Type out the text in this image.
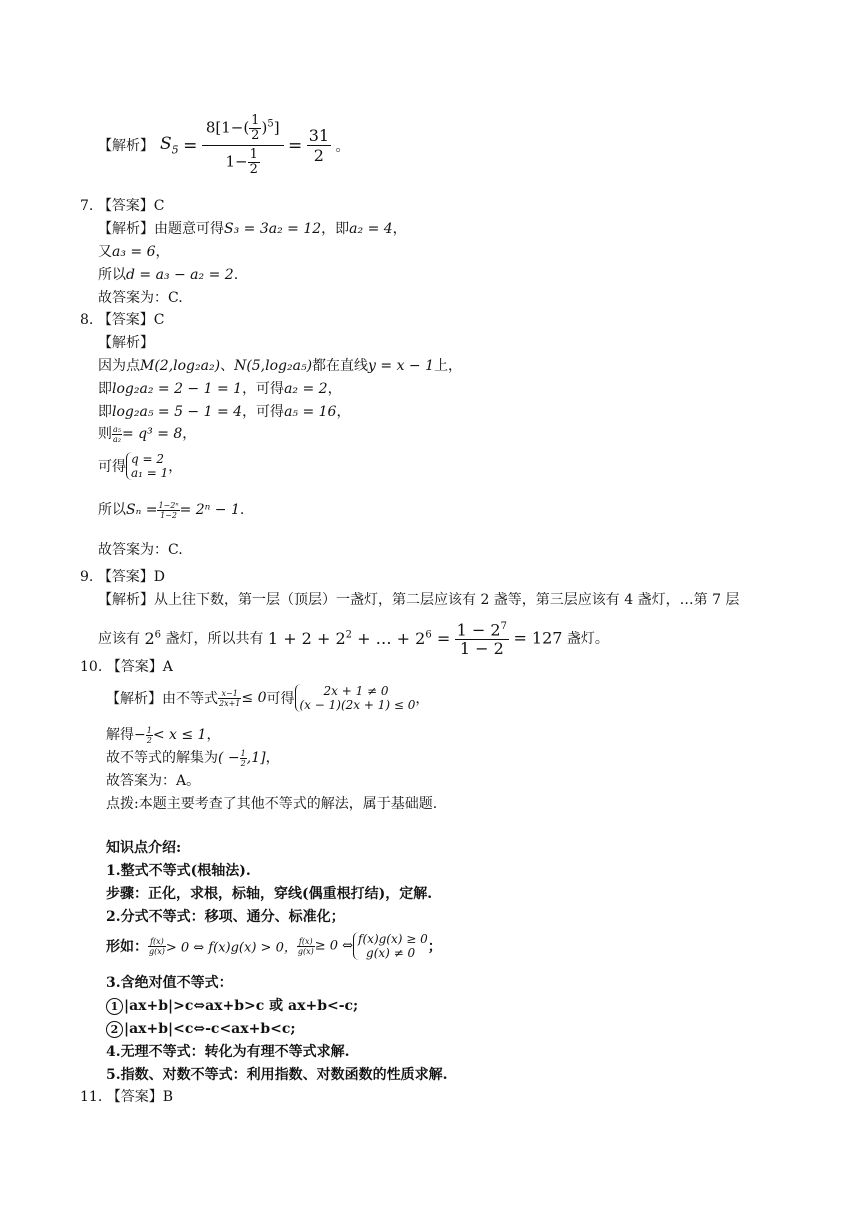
【解析】 $S_5 = \frac{8[1-( \frac{1}{2} )^5]}{1- \frac{1}{2}} = \frac{31}{2}$ 。
7. 【答案】C
【解析】由题意可得S₃ = 3a₂ = 12，即a₂ = 4，
又a₃ = 6，
所以d = a₃ − a₂ = 2.
故答案为：C.
8. 【答案】C
【解析】
因为点M(2,log₂a₂)、N(5,log₂a₅)都在直线y = x − 1上，
即log₂a₂ = 2 − 1 = 1，可得a₂ = 2，
即log₂a₅ = 5 − 1 = 4，可得a₅ = 16，
则 $\frac{\text{a₅}}{\text{a₂}} = q^3 = 8$，
可得 q = 2
a₁ = 1 ，
所以$S_n = \frac{\text{1−2ⁿ}}{1-2} = 2^n - 1$.
故答案为：C.
9. 【答案】D
【解析】从上往下数，第一层（顶层）一盏灯，第二层应该有 2 盏等，第三层应该有 4 盏灯，…第 7 层
应该有 $2^6$ 盏灯，所以共有 $1 + 2 + 2^2$ + … + $2^6 = \frac{1 - 2^7}{1 - 2} = 127$ 盏灯。
10. 【答案】A
【解析】由不等式 $\frac{x-1}{2x+1} \le 0$可得	2x + 1 ≠ 0
(x − 1)(2x + 1) ≤ 0 ，
解得− $\frac{1}{2} < x \le 1$，
故不等式的解集为( − $\frac{1}{2} ,1$]，
故答案为：A。
点拨:本题主要考查了其他不等式的解法，属于基础题.
知识点介绍:
1.整式不等式(根轴法).
步骤：正化，求根，标轴，穿线(偶重根打结)，定解.
2.分式不等式：移项、通分、标准化；
形如： $\frac{f(x)}{g(x)} > 0$ ⇔ f(x)g(x) > 0， $\frac{f(x)}{g(x)} \ge 0$ ⇔ f(x)g(x) ≥ 0
g(x) ≠ 0 ；
3.含绝对值不等式：
1 |ax+b|>c⇔ax+b>c 或 ax+b<-c;
2 |ax+b|<c⇔-c<ax+b<c;
4.无理不等式：转化为有理不等式求解.
5.指数、对数不等式：利用指数、对数函数的性质求解.
11. 【答案】B
